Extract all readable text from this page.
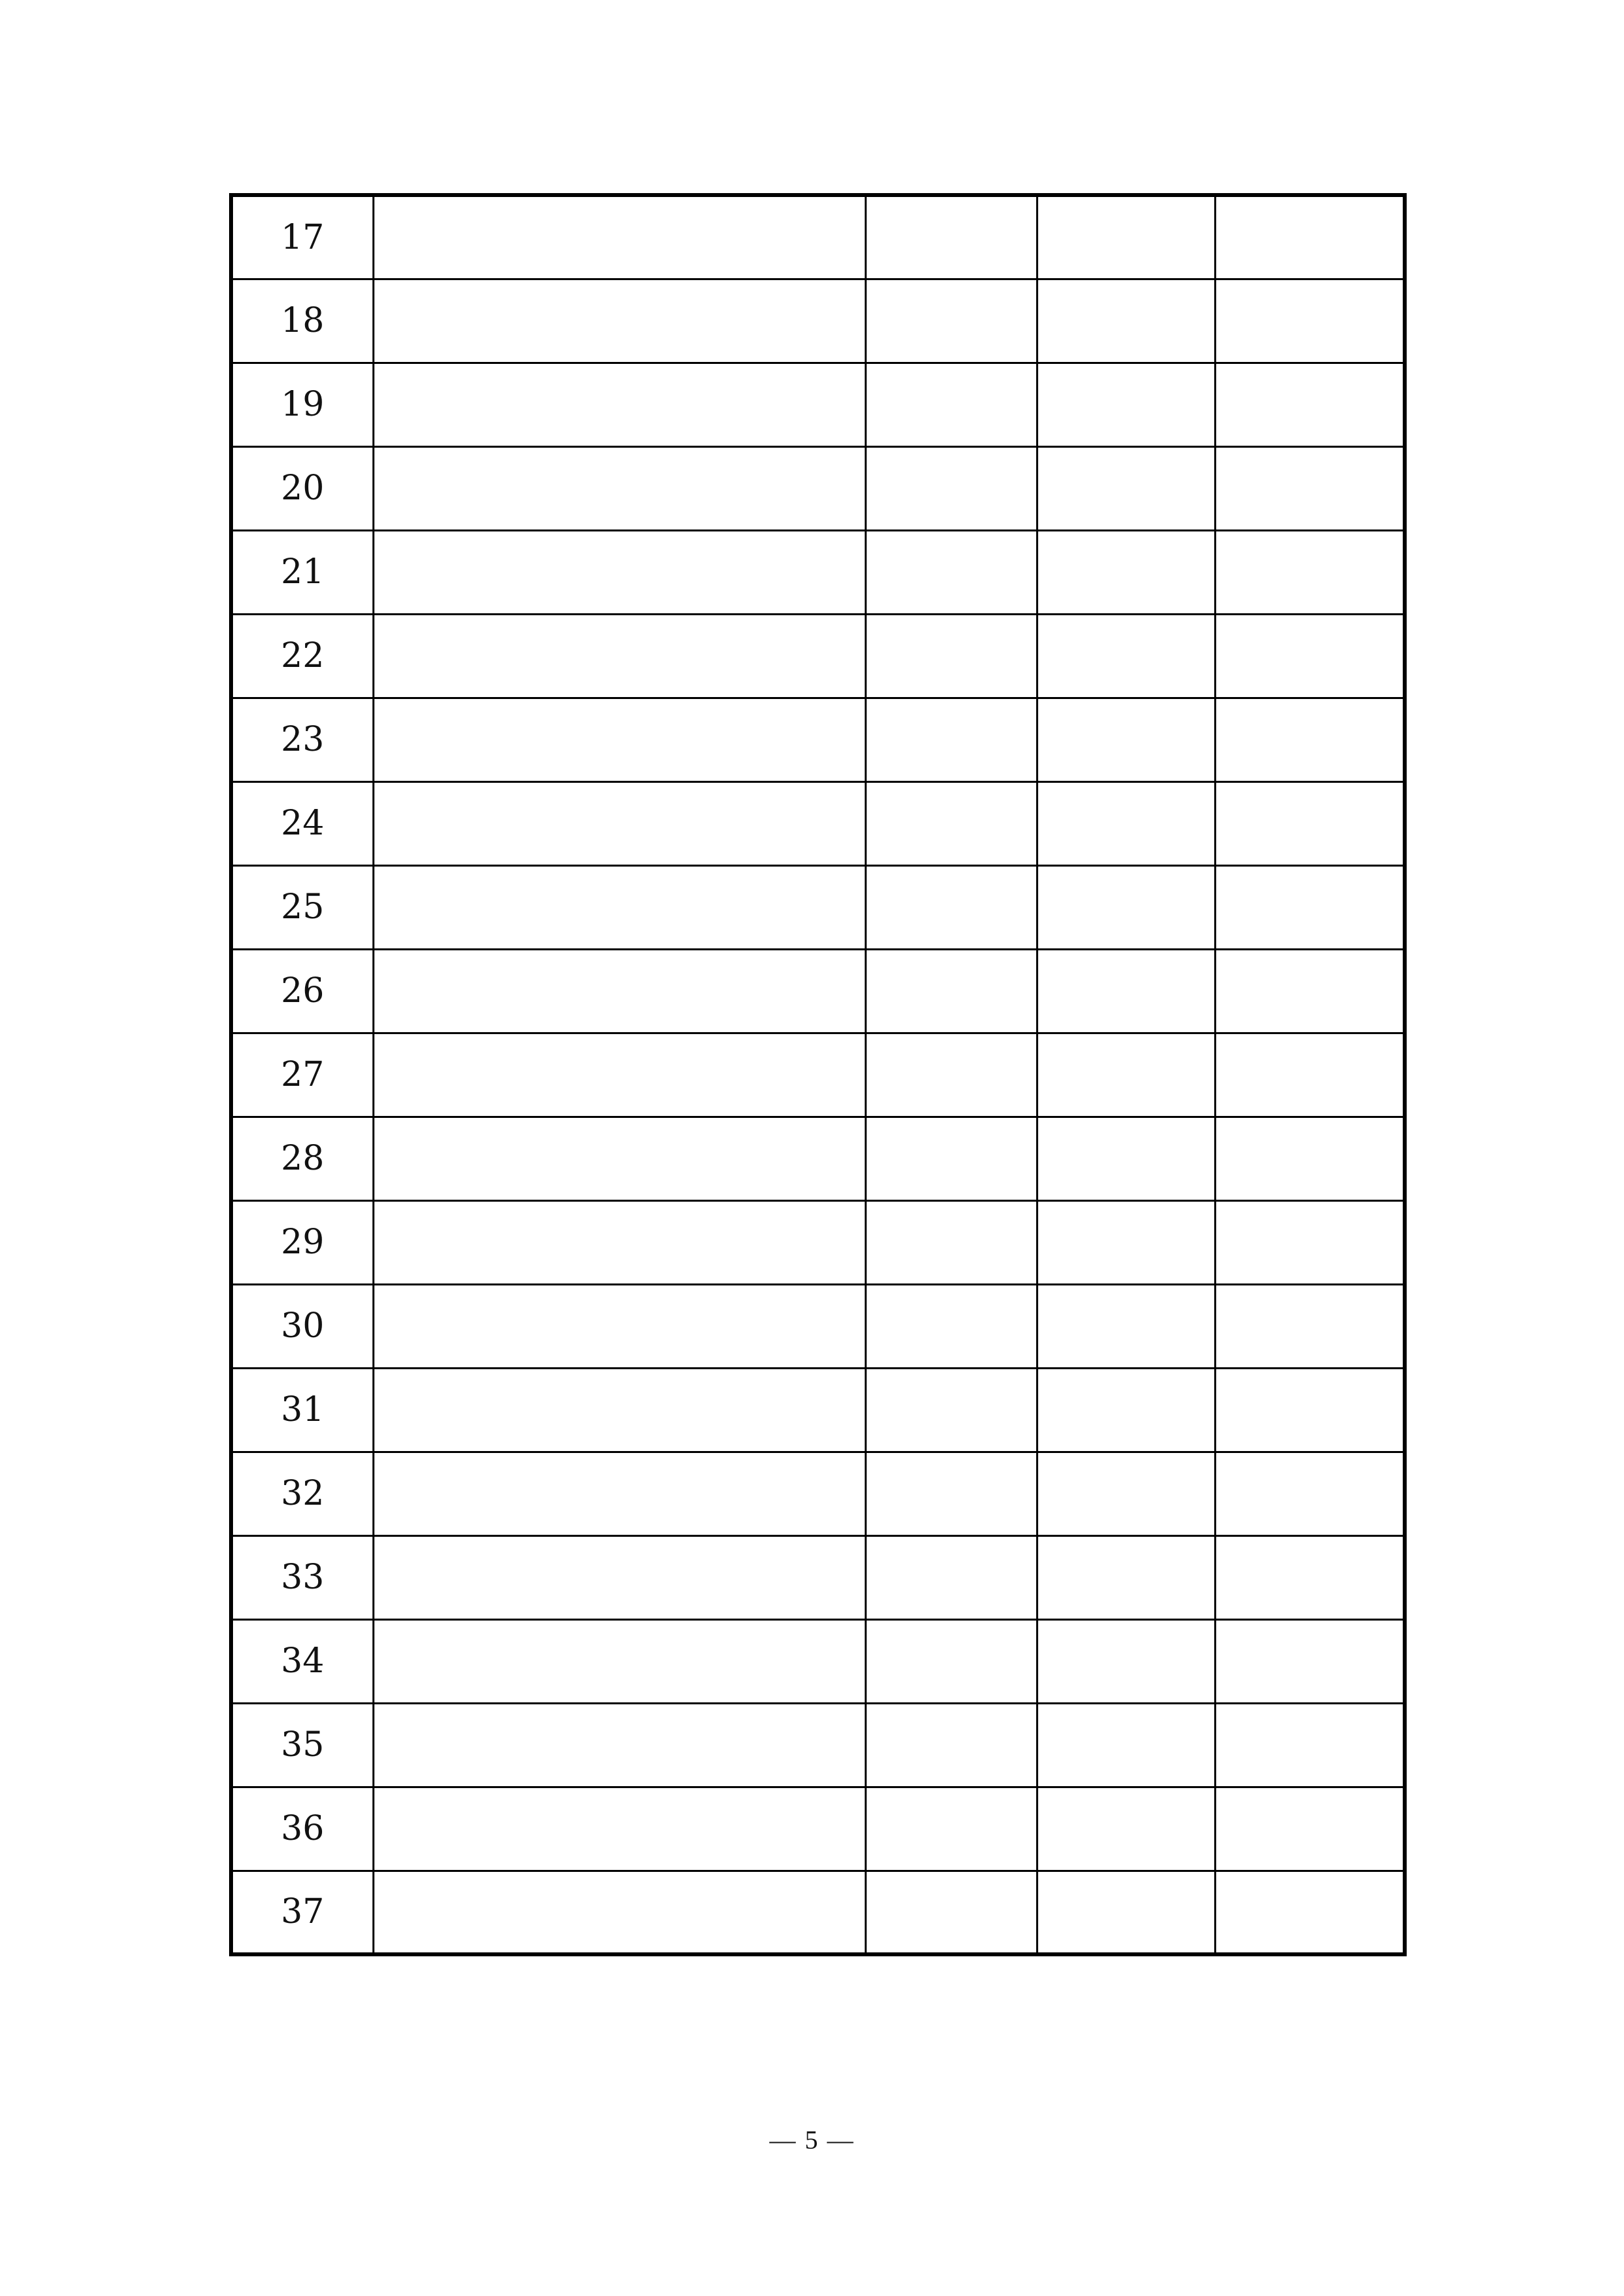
17				
18				
19				
20				
21				
22				
23				
24				
25				
26				
27				
28				
29				
30				
31				
32				
33				
34				
35				
36				
37				
— 5 —
